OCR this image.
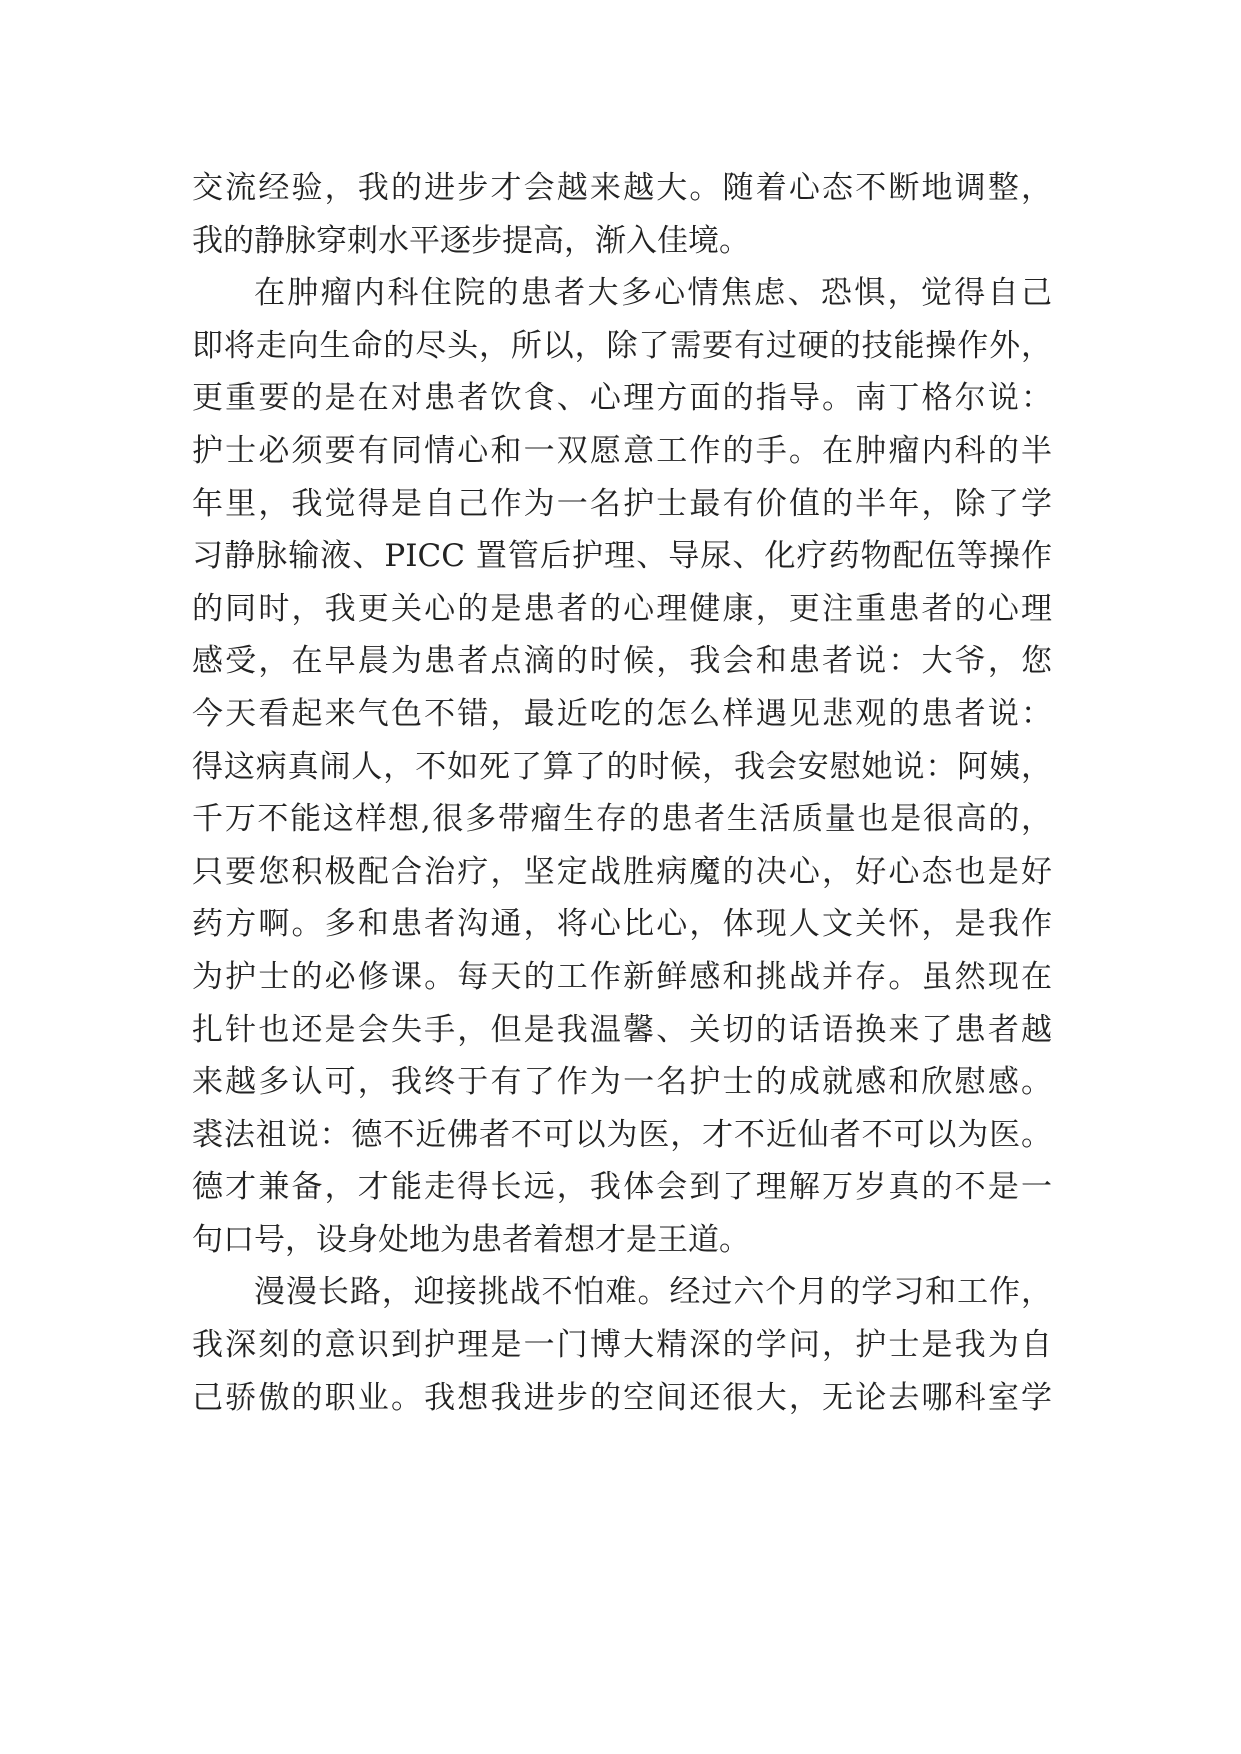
交流经验，我的进步才会越来越大。随着心态不断地调整，
我的静脉穿刺水平逐步提高，渐入佳境。
在肿瘤内科住院的患者大多心情焦虑、恐惧，觉得自己
即将走向生命的尽头，所以，除了需要有过硬的技能操作外，
更重要的是在对患者饮食、心理方面的指导。南丁格尔说：
护士必须要有同情心和一双愿意工作的手。在肿瘤内科的半
年里，我觉得是自己作为一名护士最有价值的半年，除了学
习静脉输液、PICC 置管后护理、导尿、化疗药物配伍等操作
的同时，我更关心的是患者的心理健康，更注重患者的心理
感受，在早晨为患者点滴的时候，我会和患者说：大爷，您
今天看起来气色不错，最近吃的怎么样遇见悲观的患者说：
得这病真闹人，不如死了算了的时候，我会安慰她说：阿姨，
千万不能这样想,很多带瘤生存的患者生活质量也是很高的，
只要您积极配合治疗，坚定战胜病魔的决心，好心态也是好
药方啊。多和患者沟通，将心比心，体现人文关怀，是我作
为护士的必修课。每天的工作新鲜感和挑战并存。虽然现在
扎针也还是会失手，但是我温馨、关切的话语换来了患者越
来越多认可，我终于有了作为一名护士的成就感和欣慰感。
裘法祖说：德不近佛者不可以为医，才不近仙者不可以为医。
德才兼备，才能走得长远，我体会到了理解万岁真的不是一
句口号，设身处地为患者着想才是王道。
漫漫长路，迎接挑战不怕难。经过六个月的学习和工作，
我深刻的意识到护理是一门博大精深的学问，护士是我为自
己骄傲的职业。我想我进步的空间还很大，无论去哪科室学
